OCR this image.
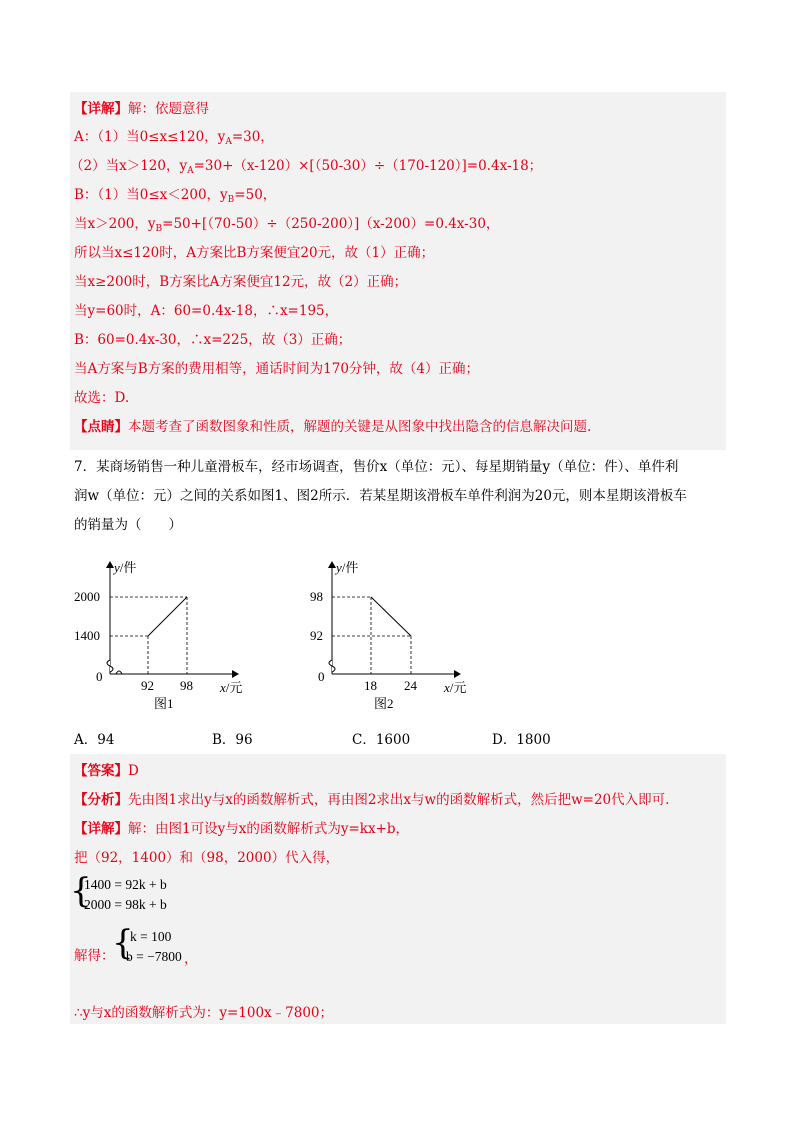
【详解】解：依题意得
A：（1）当0≤x≤120，$y_A=30$，
（2）当x＞120，$y_A=30+(x-120)\times[(50-30)\div(170-120)]=0.4x-18$；
B：（1）当0≤x＜200，$y_B=50$，
当x＞200，$y_B=50+[(70-50)\div(250-200)](x-200)=0.4x-30$，
所以当x≤120时，A方案比B方案便宜20元，故（1）正确；
当x≥200时，B方案比A方案便宜12元，故（2）正确；
当y=60时，A：60=0.4x-18，∴x=195，
B：60=0.4x-30，∴x=225，故（3）正确；
当A方案与B方案的费用相等，通话时间为170分钟，故（4）正确；
故选：D.
【点睛】本题考查了函数图象和性质，解题的关键是从图象中找出隐含的信息解决问题.
7．某商场销售一种儿童滑板车，经市场调查，售价x（单位：元）、每星期销量y（单位：件）、单件利
润w（单位：元）之间的关系如图1、图2所示．若某星期该滑板车单件利润为20元，则本星期该滑板车
的销量为（　　）
y/件
2000
1400
0
92 98 x/元
图1
y/件
98
92
0
18 24 x/元
图2
A．94	B．96	C．1600	D．1800
【答案】D
【分析】先由图1求出y与x的函数解析式，再由图2求出x与w的函数解析式，然后把w=20代入即可.
【详解】解：由图1可设y与x的函数解析式为y=kx+b，
把（92，1400）和（98，2000）代入得，
{
1400 = 92k + b
2000 = 98k + b
解得：
{
k = 100
b = −7800 ，
∴y与x的函数解析式为：y=100x﹣7800；
